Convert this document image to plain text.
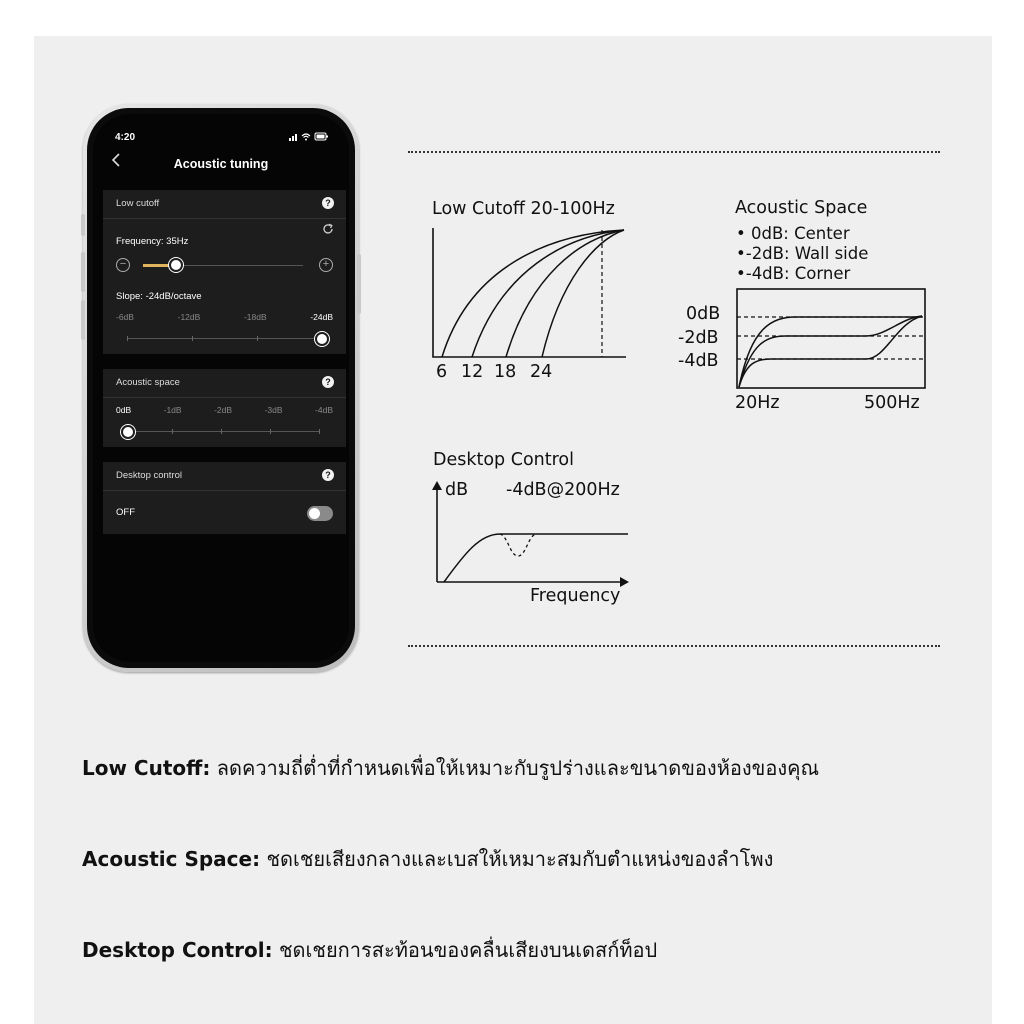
4:20
Acoustic tuning
Low cutoff	?
Frequency: 35Hz
−	+
Slope: -24dB/octave
-6dB	-12dB	-18dB	-24dB
Acoustic space	?
0dB	-1dB	-2dB	-3dB	-4dB
Desktop control	?
OFF
Low Cutoff 20-100Hz
6 12 18 24
Acoustic Space
• 0dB: Center
•-2dB: Wall side
•-4dB: Corner
0dB
-2dB
-4dB
20Hz	500Hz
Desktop Control
dB -4dB@200Hz
Frequency
Low Cutoff: ลดความถี่ต่ำที่กำหนดเพื่อให้เหมาะกับรูปร่างและขนาดของห้องของคุณ
Acoustic Space: ชดเชยเสียงกลางและเบสให้เหมาะสมกับตำแหน่งของลำโพง
Desktop Control: ชดเชยการสะท้อนของคลื่นเสียงบนเดสก์ท็อป
